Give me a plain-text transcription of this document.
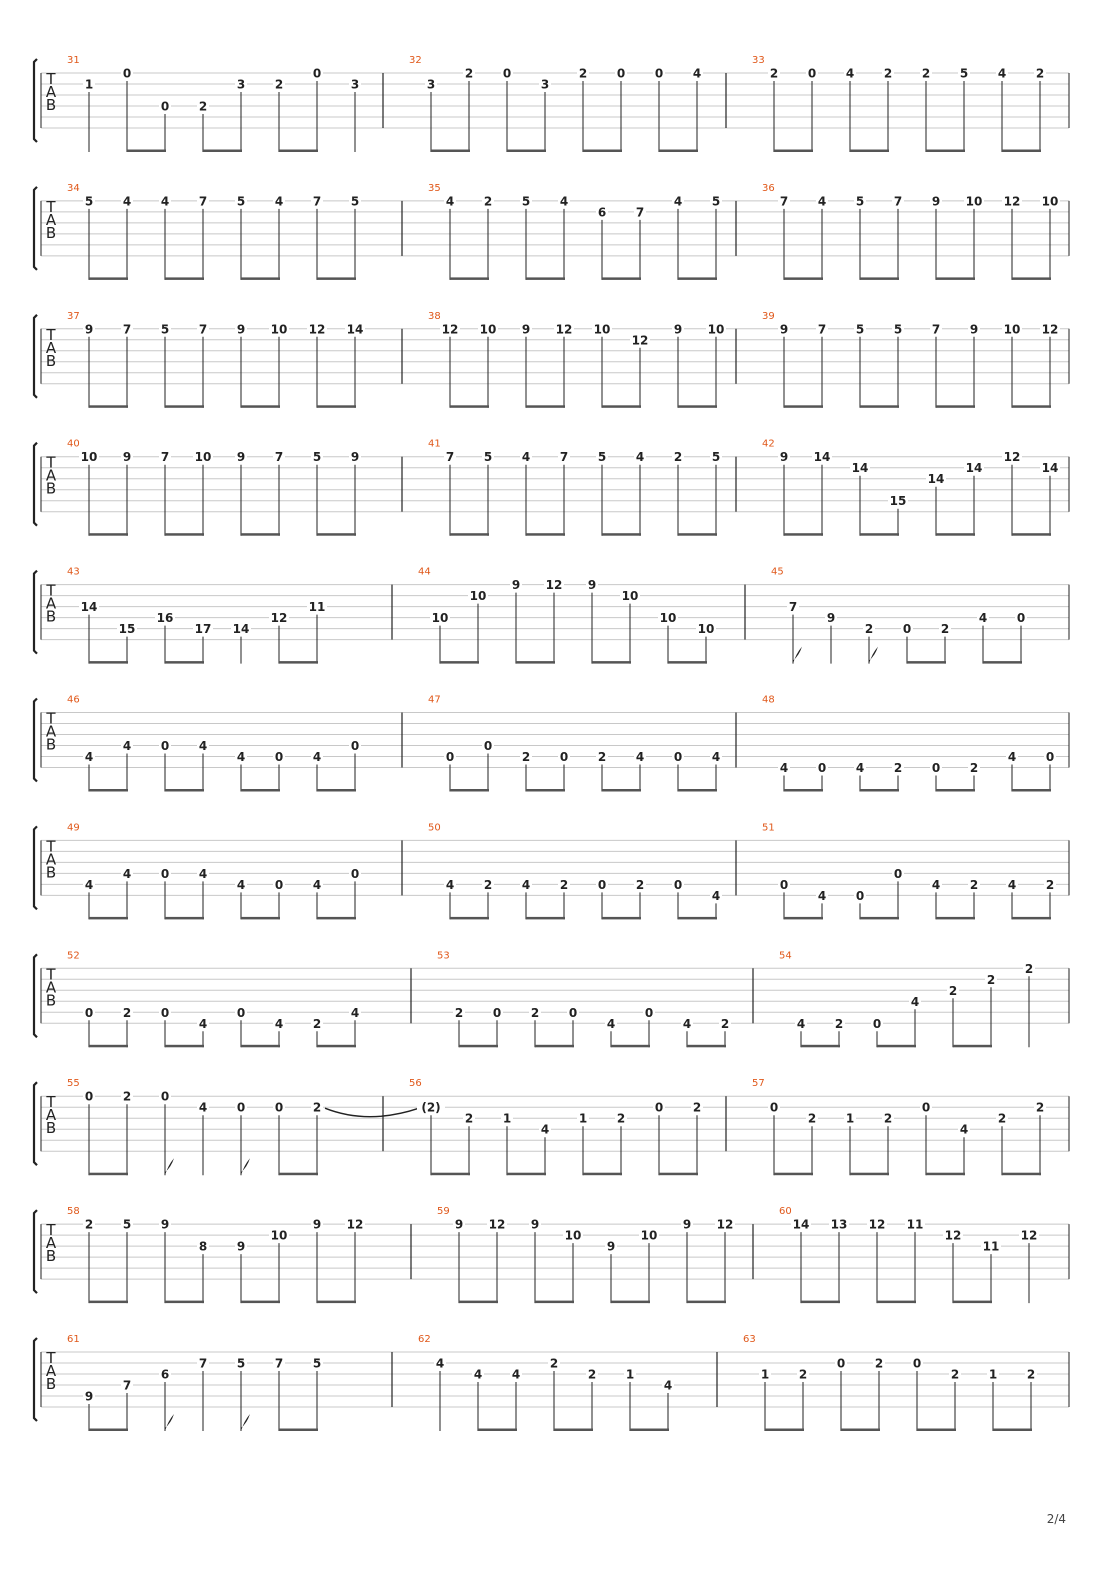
T
A
B
31
1
0
0 2
3 2
0
3
32
3
2 0
3
2 0 0 4
33
2 0 4 2 2 5 4 2
T
A
B
34
5 4 4 7 5 4 7 5
35
4 2 5 4
6 7
4 5
36
7 4 5 7 9 10 12 10
T
A
B
37
9 7 5 7 9 10 12 14
38
12 10 9 12 10
12
9 10
39
9 7 5 5 7 9 10 12
T
A
B
40
10 9 7 10 9 7 5 9
41
7 5 4 7 5 4 2 5
42
9 14
14
15
14
14
12
14
T
A
B
43
14
15
16
17 14
12
11
44
10
10
9 12 9
10
10
10
45
7
9
2 0 2
4 0
T
A
B
46
4
4 0 4
4 0 4
0
47
0
0
2 0 2 4 0 4
48
4 0 4 2 0 2
4 0
T
A
B
49
4
4 0 4
4 0 4
0
50
4 2 4 2 0 2 0
4
51
0
4 0
0
4 2 4 2
T
A
B
52
0 2 0
4
0
4 2
4
53
2 0 2 0
4
0
4 2
54
4 2 0
4
2
2
2
T
A
B
55
0 2 0
4 0 0 2
56
(2)
2 1
4
1 2
0 2
57
0
2 1 2
0
4
2
2
T
A
B
58
2 5 9
8 9
10
9 12
59
9 12 9
10
9
10
9 12
60
14 13 12 11
12
11
12
T
A
B
61
9
7
6
7 5 7 5
62
4
4 4
2
2 1
4
63
1 2
0 2 0
2 1 2
2/4
